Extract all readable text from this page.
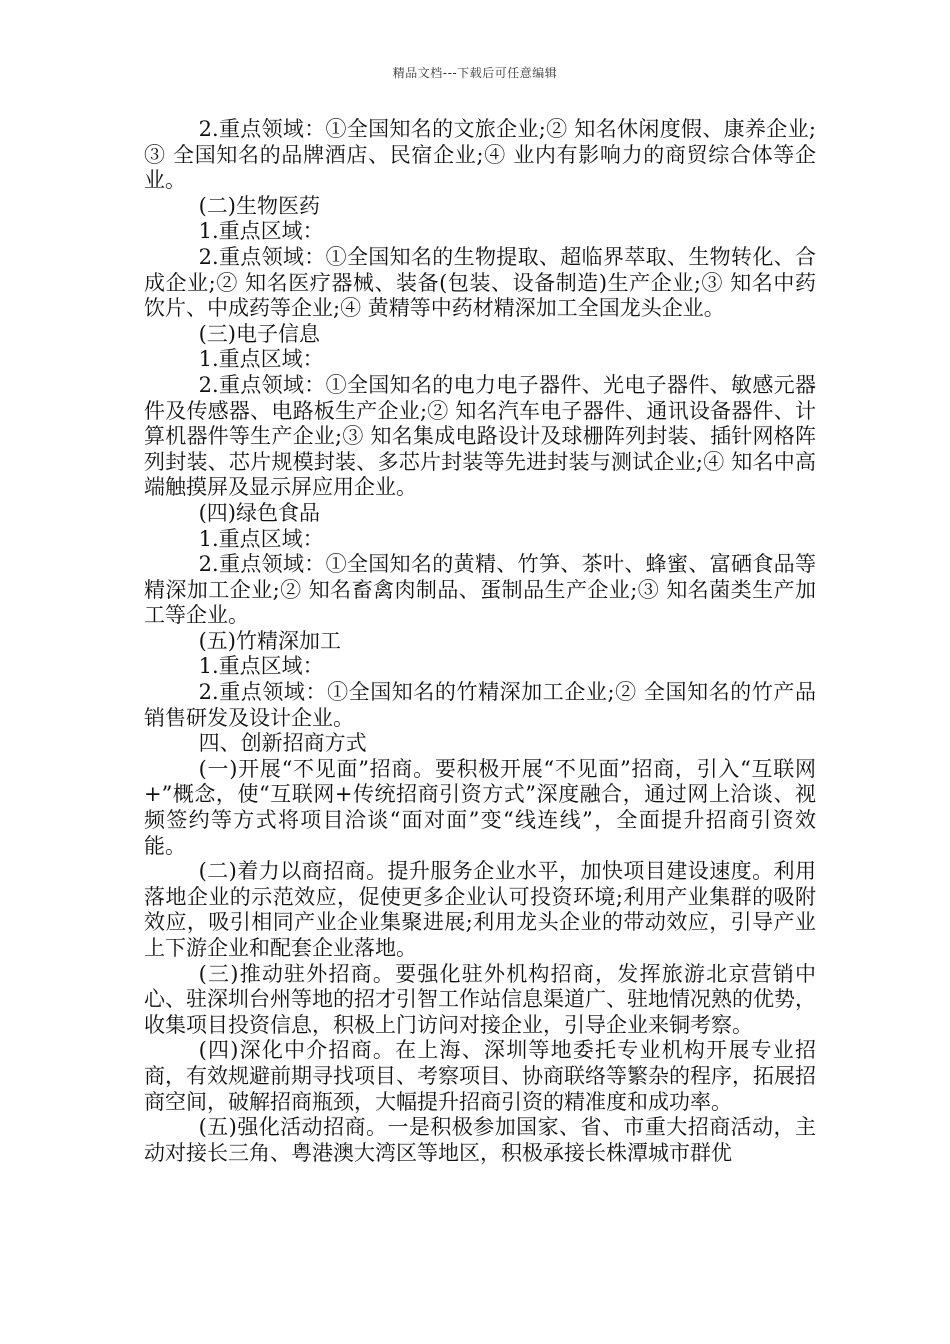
精品文档---下载后可任意编辑

2.重点领域：①全国知名的文旅企业;② 知名休闲度假、康养企业;③ 全国知名的品牌酒店、民宿企业;④ 业内有影响力的商贸综合体等企业。

(二)生物医药

1.重点区域：

2.重点领域：①全国知名的生物提取、超临界萃取、生物转化、合成企业;② 知名医疗器械、装备(包装、设备制造)生产企业;③ 知名中药饮片、中成药等企业;④ 黄精等中药材精深加工全国龙头企业。

(三)电子信息

1.重点区域：

2.重点领域：①全国知名的电力电子器件、光电子器件、敏感元器件及传感器、电路板生产企业;② 知名汽车电子器件、通讯设备器件、计算机器件等生产企业;③ 知名集成电路设计及球栅阵列封装、插针网格阵列封装、芯片规模封装、多芯片封装等先进封装与测试企业;④ 知名中高端触摸屏及显示屏应用企业。

(四)绿色食品

1.重点区域：

2.重点领域：①全国知名的黄精、竹笋、茶叶、蜂蜜、富硒食品等精深加工企业;② 知名畜禽肉制品、蛋制品生产企业;③ 知名菌类生产加工等企业。

(五)竹精深加工

1.重点区域：

2.重点领域：①全国知名的竹精深加工企业;② 全国知名的竹产品销售研发及设计企业。

四、创新招商方式

(一)开展“不见面”招商。要积极开展“不见面”招商，引入“互联网+”概念，使“互联网+传统招商引资方式”深度融合，通过网上洽谈、视频签约等方式将项目洽谈“面对面”变“线连线”，全面提升招商引资效能。

(二)着力以商招商。提升服务企业水平，加快项目建设速度。利用落地企业的示范效应，促使更多企业认可投资环境;利用产业集群的吸附效应，吸引相同产业企业集聚进展;利用龙头企业的带动效应，引导产业上下游企业和配套企业落地。

(三)推动驻外招商。要强化驻外机构招商，发挥旅游北京营销中心、驻深圳台州等地的招才引智工作站信息渠道广、驻地情况熟的优势，收集项目投资信息，积极上门访问对接企业，引导企业来铜考察。

(四)深化中介招商。在上海、深圳等地委托专业机构开展专业招商，有效规避前期寻找项目、考察项目、协商联络等繁杂的程序，拓展招商空间，破解招商瓶颈，大幅提升招商引资的精准度和成功率。

(五)强化活动招商。一是积极参加国家、省、市重大招商活动，主动对接长三角、粤港澳大湾区等地区，积极承接长株潭城市群优
